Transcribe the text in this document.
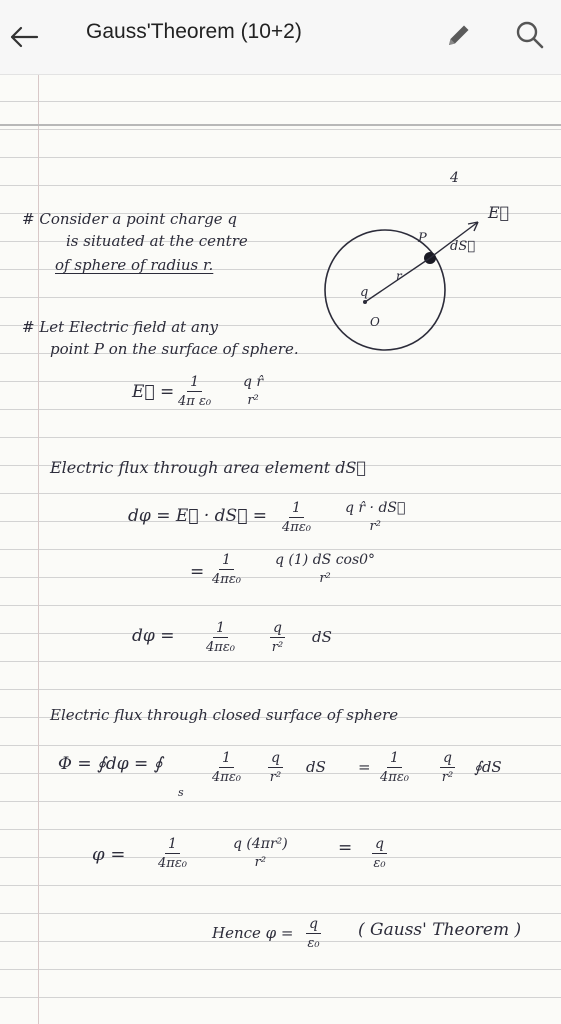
Gauss'Theorem (10+2)
4
# Consider a point charge q
is situated at the centre
of sphere of radius r.
P
E⃗
dS⃗
r
q
O
# Let Electric field at any
point P on the surface of sphere.
E⃗ = $\frac{1}{\text{4π ε₀}}$ q r̂
r²
Electric flux through area element dS⃗
dφ = E⃗ · dS⃗ = $\frac{1}{\text{4πε₀}}$ q r̂ · dS⃗
r²
= $\frac{1}{\text{4πε₀}}$ q (1) dS cos0°
r²
$d\varphi = \frac{1}{\text{4πε₀}} \frac{q}{\text{r²}}$ dS
Electric flux through closed surface of sphere
Φ = ∮dφ = ∮
s
$\frac{1}{\text{4πε₀}} \frac{q}{\text{r²}}$ dS = $\frac{1}{\text{4πε₀}} \frac{q}{\text{r²}}$ ∮dS
$\varphi = \frac{1}{\text{4πε₀}}$	q (4πr²)
r²
= $\frac{q}{\text{ε₀}}$
Hence $\varphi = \frac{q}{\text{ε₀}}$ ( Gauss' Theorem )
